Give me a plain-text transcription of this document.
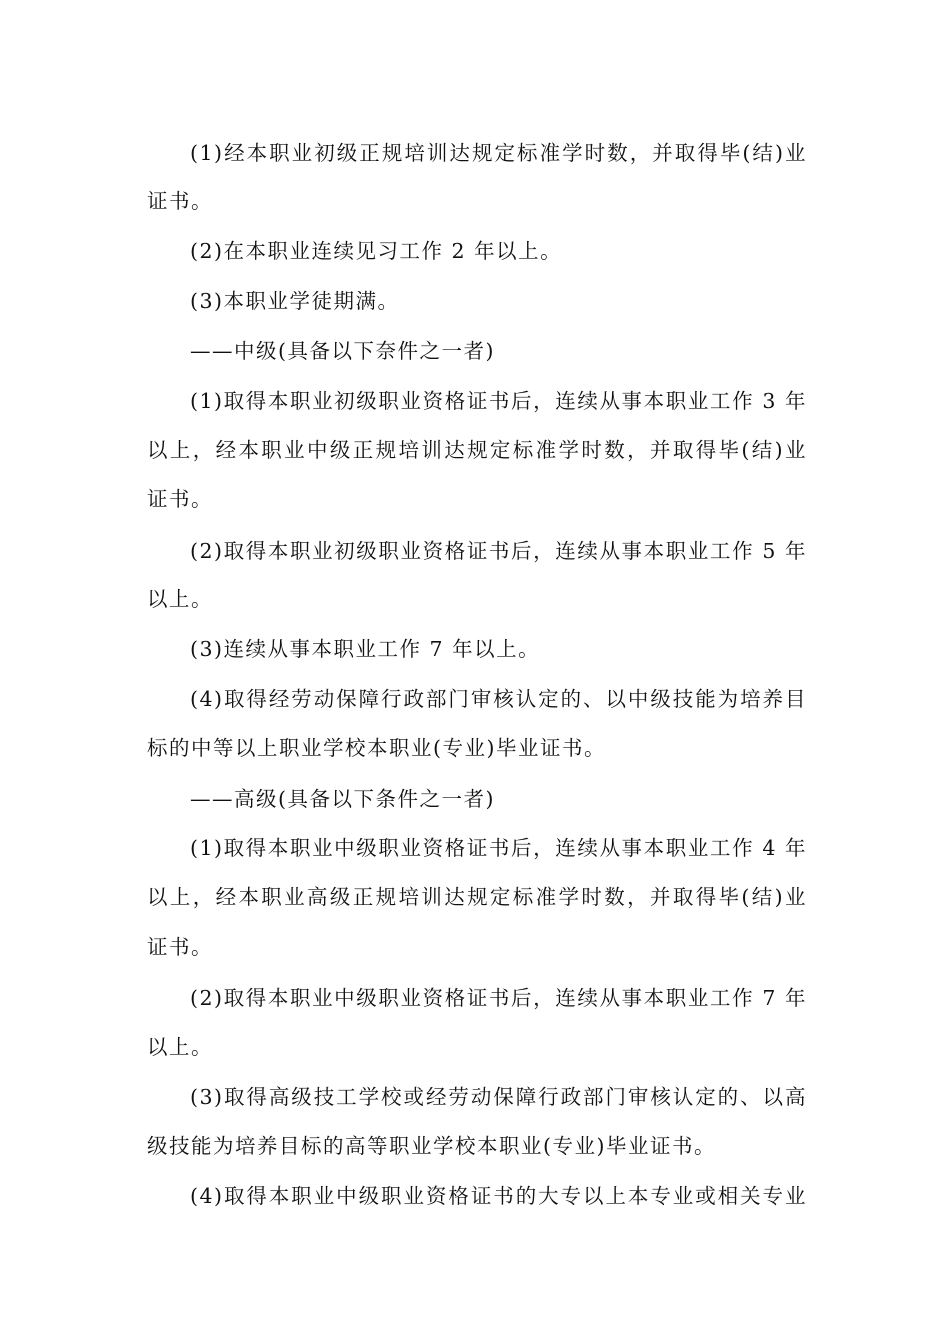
(1)经本职业初级正规培训达规定标准学时数，并取得毕(结)业
证书。
(2)在本职业连续见习工作 2 年以上。
(3)本职业学徒期满。
——中级(具备以下奈件之一者)
(1)取得本职业初级职业资格证书后，连续从事本职业工作 3 年
以上，经本职业中级正规培训达规定标准学时数，并取得毕(结)业
证书。
(2)取得本职业初级职业资格证书后，连续从事本职业工作 5 年
以上。
(3)连续从事本职业工作 7 年以上。
(4)取得经劳动保障行政部门审核认定的、以中级技能为培养目
标的中等以上职业学校本职业(专业)毕业证书。
——高级(具备以下条件之一者)
(1)取得本职业中级职业资格证书后，连续从事本职业工作 4 年
以上，经本职业高级正规培训达规定标准学时数，并取得毕(结)业
证书。
(2)取得本职业中级职业资格证书后，连续从事本职业工作 7 年
以上。
(3)取得高级技工学校或经劳动保障行政部门审核认定的、以高
级技能为培养目标的高等职业学校本职业(专业)毕业证书。
(4)取得本职业中级职业资格证书的大专以上本专业或相关专业
